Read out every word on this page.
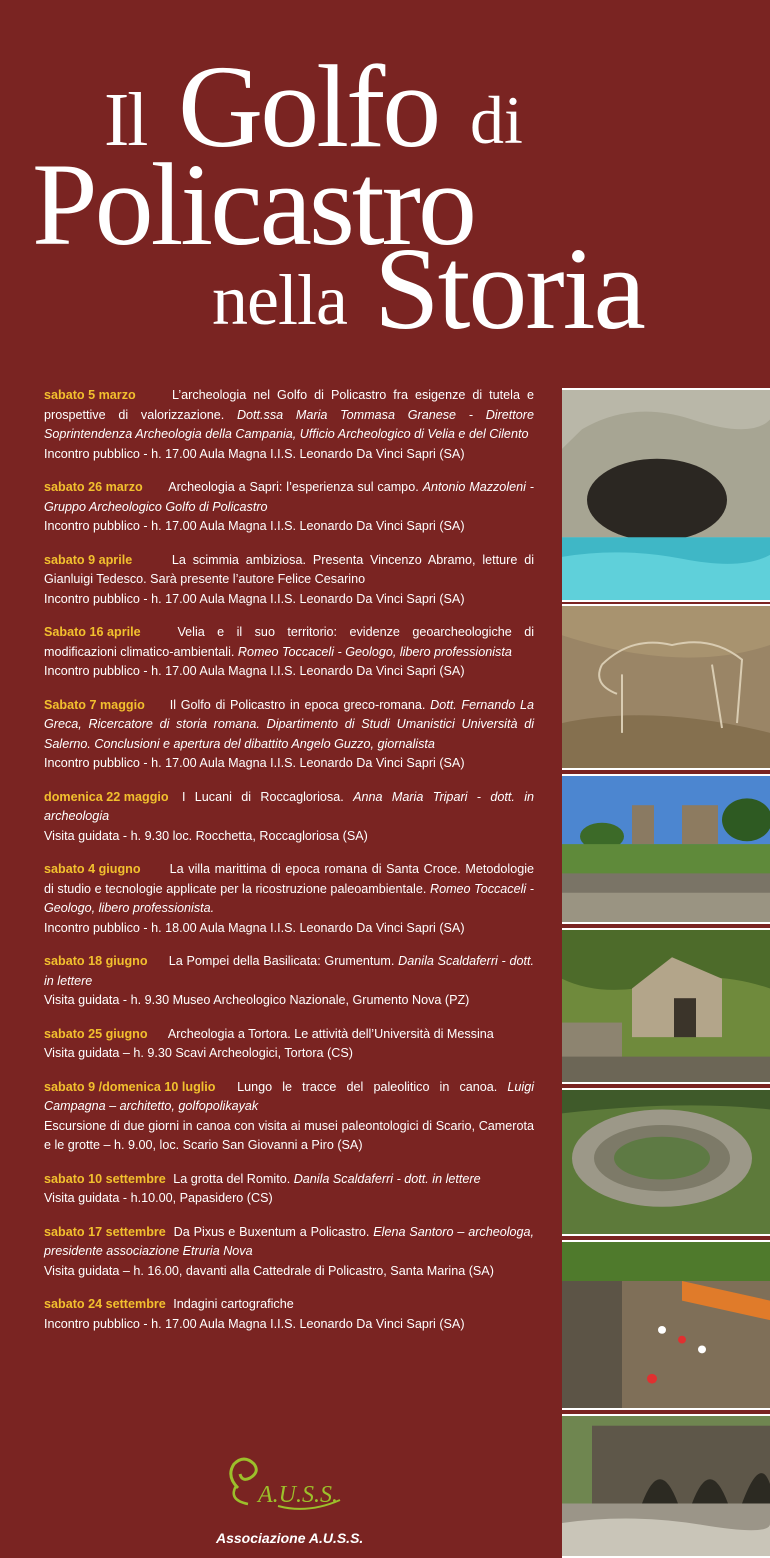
Il Golfo di
Policastro
nella Storia
sabato 5 marzo	L’archeologia nel Golfo di Policastro fra esigenze di tutela e prospettive di valorizzazione. Dott.ssa Maria Tommasa Granese - Direttore Soprintendenza Archeologia della Campania, Ufficio Archeologico di Velia e del Cilento
Incontro pubblico - h. 17.00 Aula Magna I.I.S. Leonardo Da Vinci Sapri (SA)
sabato 26 marzo Archeologia a Sapri: l’esperienza sul campo. Antonio Mazzoleni - Gruppo Archeologico Golfo di Policastro
Incontro pubblico - h. 17.00 Aula Magna I.I.S. Leonardo Da Vinci Sapri (SA)
sabato 9 aprile	La scimmia ambiziosa. Presenta Vincenzo Abramo, letture di Gianluigi Tedesco. Sarà presente l’autore Felice Cesarino
Incontro pubblico - h. 17.00 Aula Magna I.I.S. Leonardo Da Vinci Sapri (SA)
Sabato 16 aprile	Velia e il suo territorio: evidenze geoarcheologiche di modificazioni climatico-ambientali. Romeo Toccaceli - Geologo, libero professionista
Incontro pubblico - h. 17.00 Aula Magna I.I.S. Leonardo Da Vinci Sapri (SA)
Sabato 7 maggio Il Golfo di Policastro in epoca greco-romana. Dott. Fernando La Greca, Ricercatore di storia romana. Dipartimento di Studi Umanistici Università di Salerno. Conclusioni e apertura del dibattito Angelo Guzzo, giornalista
Incontro pubblico - h. 17.00 Aula Magna I.I.S. Leonardo Da Vinci Sapri (SA)
domenica 22 maggio I Lucani di Roccagloriosa. Anna Maria Tripari - dott. in archeologia
Visita guidata - h. 9.30 loc. Rocchetta, Roccagloriosa (SA)
sabato 4 giugno La villa marittima di epoca romana di Santa Croce. Metodologie di studio e tecnologie applicate per la ricostruzione paleoambientale. Romeo Toccaceli - Geologo, libero professionista.
Incontro pubblico - h. 18.00 Aula Magna I.I.S. Leonardo Da Vinci Sapri (SA)
sabato 18 giugno La Pompei della Basilicata: Grumentum. Danila Scaldaferri - dott. in lettere
Visita guidata - h. 9.30 Museo Archeologico Nazionale, Grumento Nova (PZ)
sabato 25 giugno Archeologia a Tortora. Le attività dell’Università di Messina
Visita guidata – h. 9.30 Scavi Archeologici, Tortora (CS)
sabato 9 /domenica 10 luglio Lungo le tracce del paleolitico in canoa. Luigi Campagna – architetto, golfopolikayak
Escursione di due giorni in canoa con visita ai musei paleontologici di Scario, Camerota e le grotte – h. 9.00, loc. Scario San Giovanni a Piro (SA)
sabato 10 settembre La grotta del Romito. Danila Scaldaferri - dott. in lettere
Visita guidata - h.10.00, Papasidero (CS)
sabato 17 settembre Da Pixus e Buxentum a Policastro. Elena Santoro – archeologa, presidente associazione Etruria Nova
Visita guidata – h. 16.00, davanti alla Cattedrale di Policastro, Santa Marina (SA)
sabato 24 settembre Indagini cartografiche
Incontro pubblico - h. 17.00 Aula Magna I.I.S. Leonardo Da Vinci Sapri (SA)
A.U.S.S.
Associazione A.U.S.S.
